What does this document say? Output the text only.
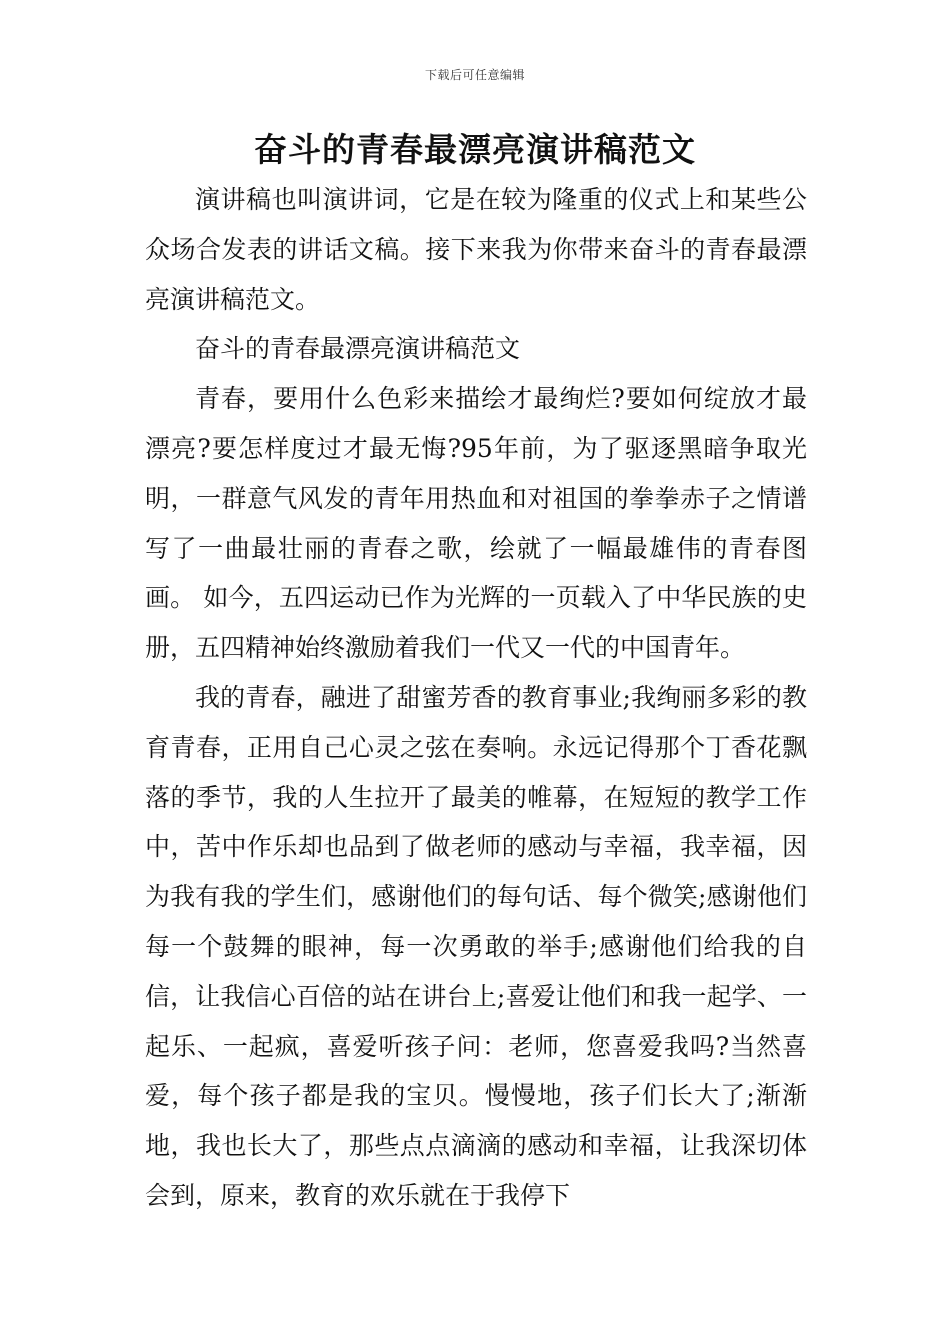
下载后可任意编辑
奋斗的青春最漂亮演讲稿范文

演讲稿也叫演讲词，它是在较为隆重的仪式上和某些公众场合发表的讲话文稿。接下来我为你带来奋斗的青春最漂亮演讲稿范文。

奋斗的青春最漂亮演讲稿范文

青春，要用什么色彩来描绘才最绚烂?要如何绽放才最漂亮?要怎样度过才最无悔?95年前，为了驱逐黑暗争取光明，一群意气风发的青年用热血和对祖国的拳拳赤子之情谱写了一曲最壮丽的青春之歌，绘就了一幅最雄伟的青春图画。 如今，五四运动已作为光辉的一页载入了中华民族的史册，五四精神始终激励着我们一代又一代的中国青年。

我的青春，融进了甜蜜芳香的教育事业;我绚丽多彩的教育青春，正用自己心灵之弦在奏响。永远记得那个丁香花飘落的季节，我的人生拉开了最美的帷幕，在短短的教学工作中，苦中作乐却也品到了做老师的感动与幸福，我幸福，因为我有我的学生们，感谢他们的每句话、每个微笑;感谢他们每一个鼓舞的眼神，每一次勇敢的举手;感谢他们给我的自信，让我信心百倍的站在讲台上;喜爱让他们和我一起学、一起乐、一起疯，喜爱听孩子问：老师，您喜爱我吗?当然喜爱，每个孩子都是我的宝贝。慢慢地，孩子们长大了;渐渐地，我也长大了，那些点点滴滴的感动和幸福，让我深切体会到，原来，教育的欢乐就在于我停下
